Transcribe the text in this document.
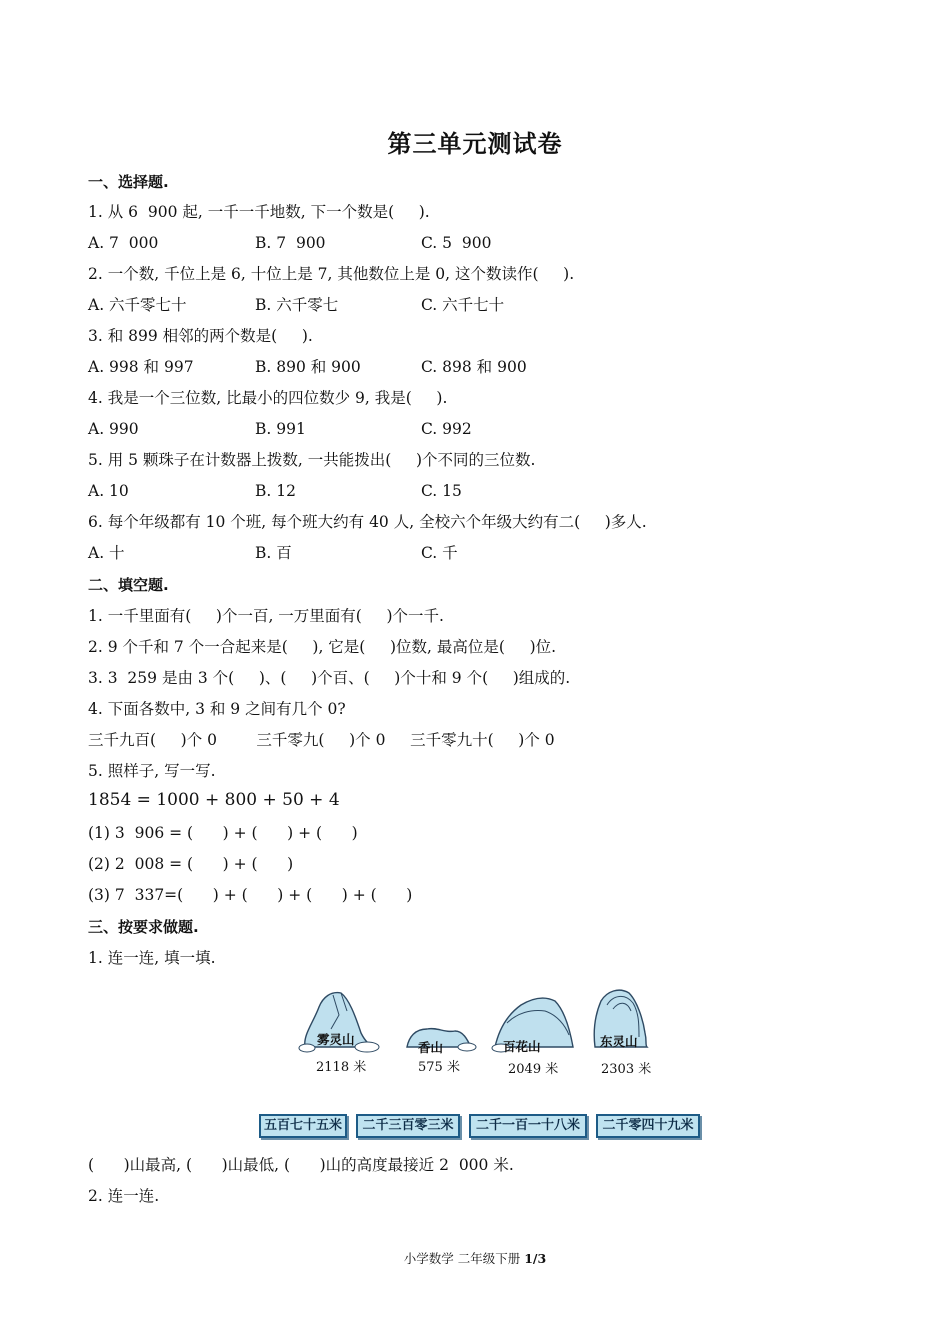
第三单元测试卷
一、选择题.
1. 从 6  900 起, 一千一千地数, 下一个数是(     ).
A. 7  000	B. 7  900	C. 5  900
2. 一个数, 千位上是 6, 十位上是 7, 其他数位上是 0, 这个数读作(     ).
A. 六千零七十	B. 六千零七	C. 六千七十
3. 和 899 相邻的两个数是(     ).
A. 998 和 997	B. 890 和 900	C. 898 和 900
4. 我是一个三位数, 比最小的四位数少 9, 我是(     ).
A. 990	B. 991	C. 992
5. 用 5 颗珠子在计数器上拨数, 一共能拨出(     )个不同的三位数.
A. 10	B. 12	C. 15
6. 每个年级都有 10 个班, 每个班大约有 40 人, 全校六个年级大约有二(     )多人.
A. 十	B. 百	C. 千
二、填空题.
1. 一千里面有(     )个一百, 一万里面有(     )个一千.
2. 9 个千和 7 个一合起来是(     ), 它是(     )位数, 最高位是(     )位.
3. 3  259 是由 3 个(     )、(     )个百、(     )个十和 9 个(     )组成的.
4. 下面各数中, 3 和 9 之间有几个 0?
三千九百(     )个 0        三千零九(     )个 0     三千零九十(     )个 0
5. 照样子, 写一写.
1854 = 1000 + 800 + 50 + 4
(1) 3  906 = (      ) + (      ) + (      )
(2) 2  008 = (      ) + (      )
(3) 7  337=(      ) + (      ) + (      ) + (      )
三、按要求做题.
1. 连一连, 填一填.
雾灵山
香山	百花山	东灵山
2118 米	575 米	2049 米	2303 米
五百七十五米	二千三百零三米	二千一百一十八米	二千零四十九米
(      )山最高, (      )山最低, (      )山的高度最接近 2  000 米.
2. 连一连.
小学数学 二年级下册 1/3
